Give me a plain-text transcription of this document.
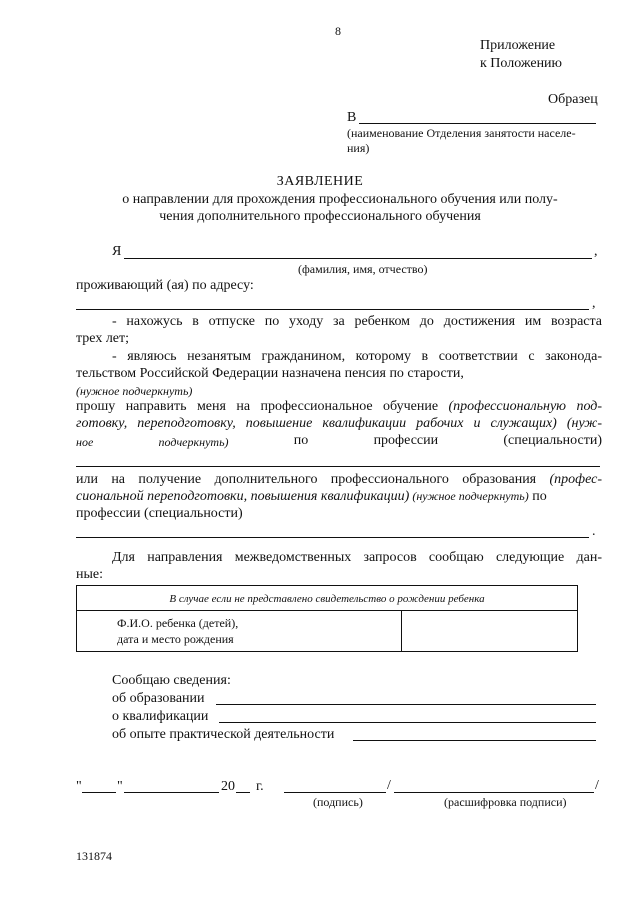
8
Приложение
к Положению
Образец
В
(наименование Отделения занятости населе-
ния)
ЗАЯВЛЕНИЕ
о направлении для прохождения профессионального обучения или полу-
чения дополнительного профессионального обучения
Я	,
(фамилия, имя, отчество)
проживающий (ая) по адресу:
,
- нахожусь в отпуске по уходу за ребенком до достижения им возраста
трех лет;
- являюсь незанятым гражданином, которому в соответствии с законода-
тельством Российской Федерации назначена пенсия по старости,
(нужное подчеркнуть)
прошу направить меня на профессиональное обучение (профессиональную под-
готовку, переподготовку, повышение квалификации рабочих и служащих) (нуж-
ное	подчеркнуть)	по	профессии	(специальности)
или на получение дополнительного профессионального образования (профес-
сиональной переподготовки, повышения квалификации) (нужное подчеркнуть) по
профессии (специальности)
.
Для направления межведомственных запросов сообщаю следующие дан-
ные:
В случае если не представлено свидетельство о рождении ребенка

Ф.И.О. ребенка (детей),
дата и место рождения

Сообщаю сведения:
об образовании
о квалификации
об опыте практической деятельности
"	"	20 г.	/	/
(подпись)	(расшифровка подписи)
131874
